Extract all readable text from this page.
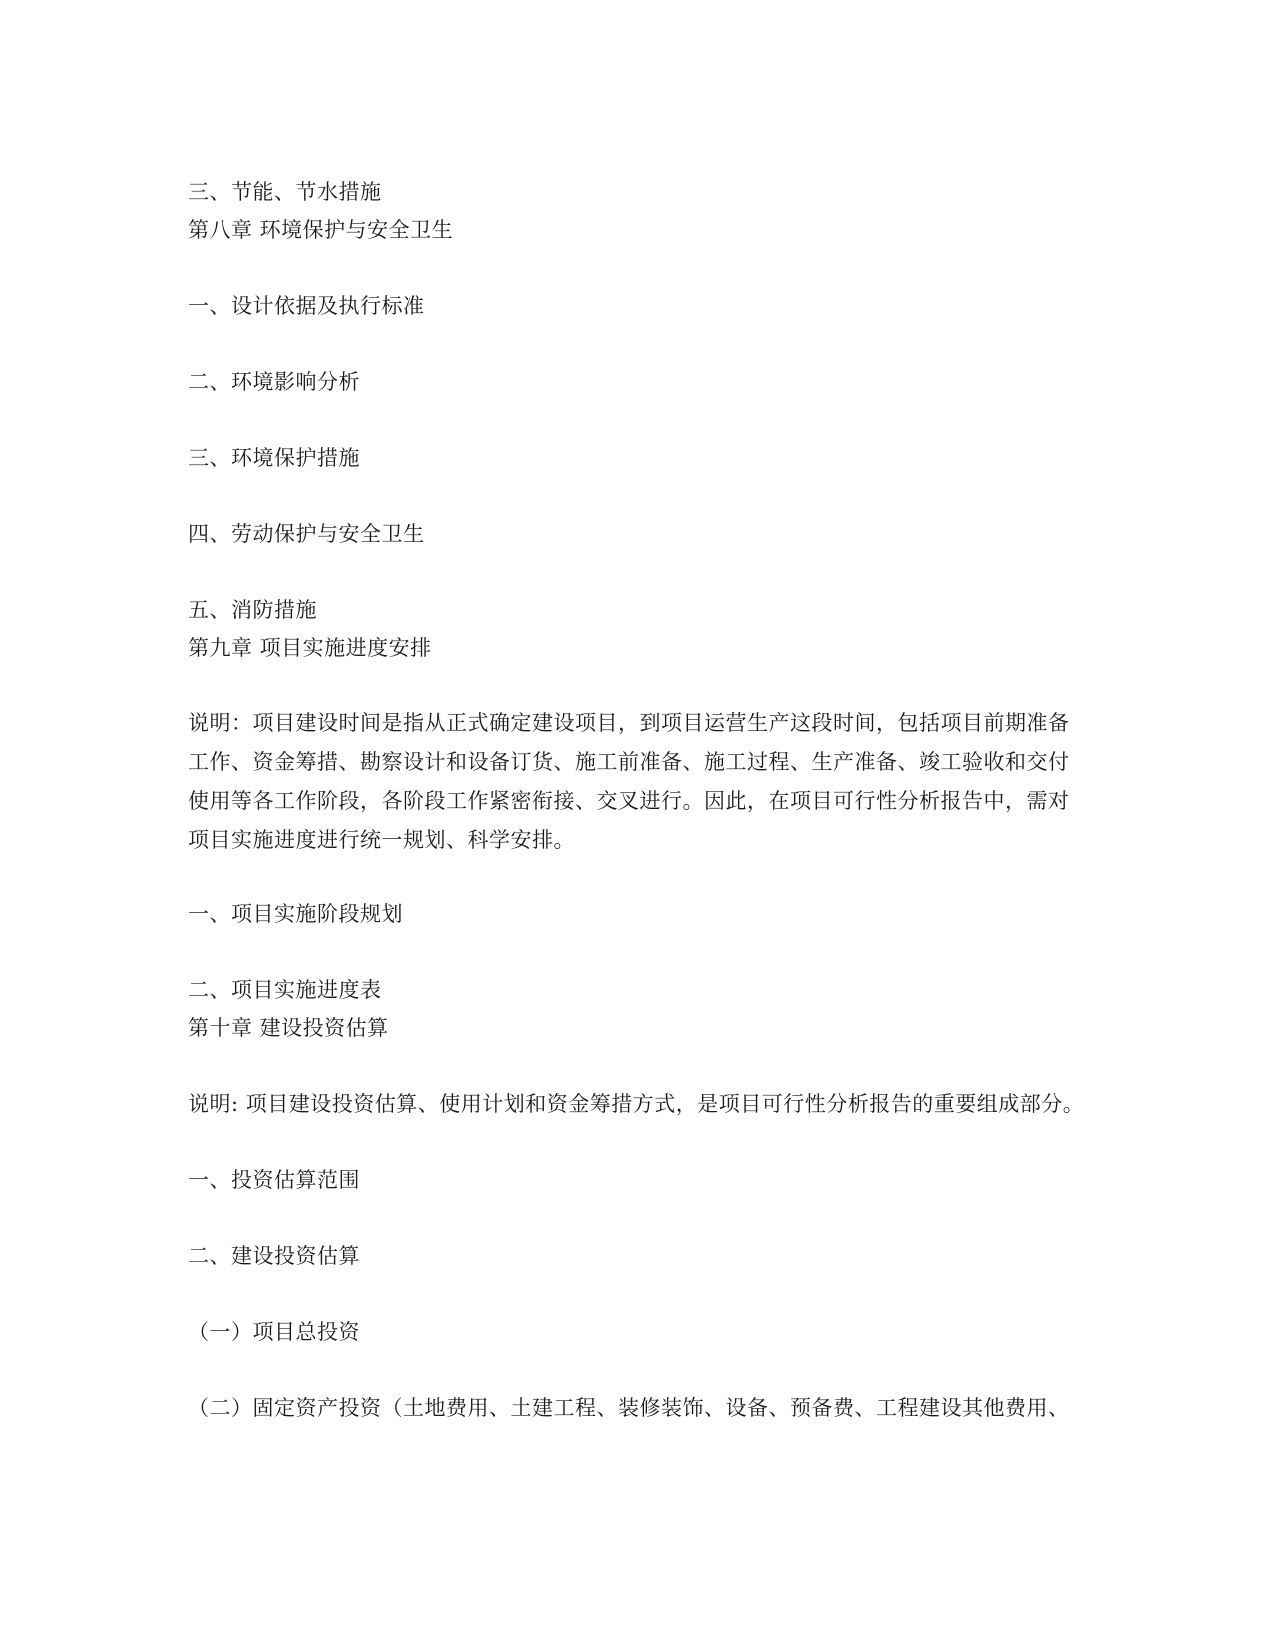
三、节能、节水措施
第八章 环境保护与安全卫生
一、设计依据及执行标准
二、环境影响分析
三、环境保护措施
四、劳动保护与安全卫生
五、消防措施
第九章 项目实施进度安排
说明：项目建设时间是指从正式确定建设项目，到项目运营生产这段时间，包括项目前期准备
工作、资金筹措、勘察设计和设备订货、施工前准备、施工过程、生产准备、竣工验收和交付
使用等各工作阶段，各阶段工作紧密衔接、交叉进行。因此，在项目可行性分析报告中，需对
项目实施进度进行统一规划、科学安排。
一、项目实施阶段规划
二、项目实施进度表
第十章 建设投资估算
说明: 项目建设投资估算、使用计划和资金筹措方式，是项目可行性分析报告的重要组成部分。
一、投资估算范围
二、建设投资估算
（一）项目总投资
（二）固定资产投资（土地费用、土建工程、装修装饰、设备、预备费、工程建设其他费用、
